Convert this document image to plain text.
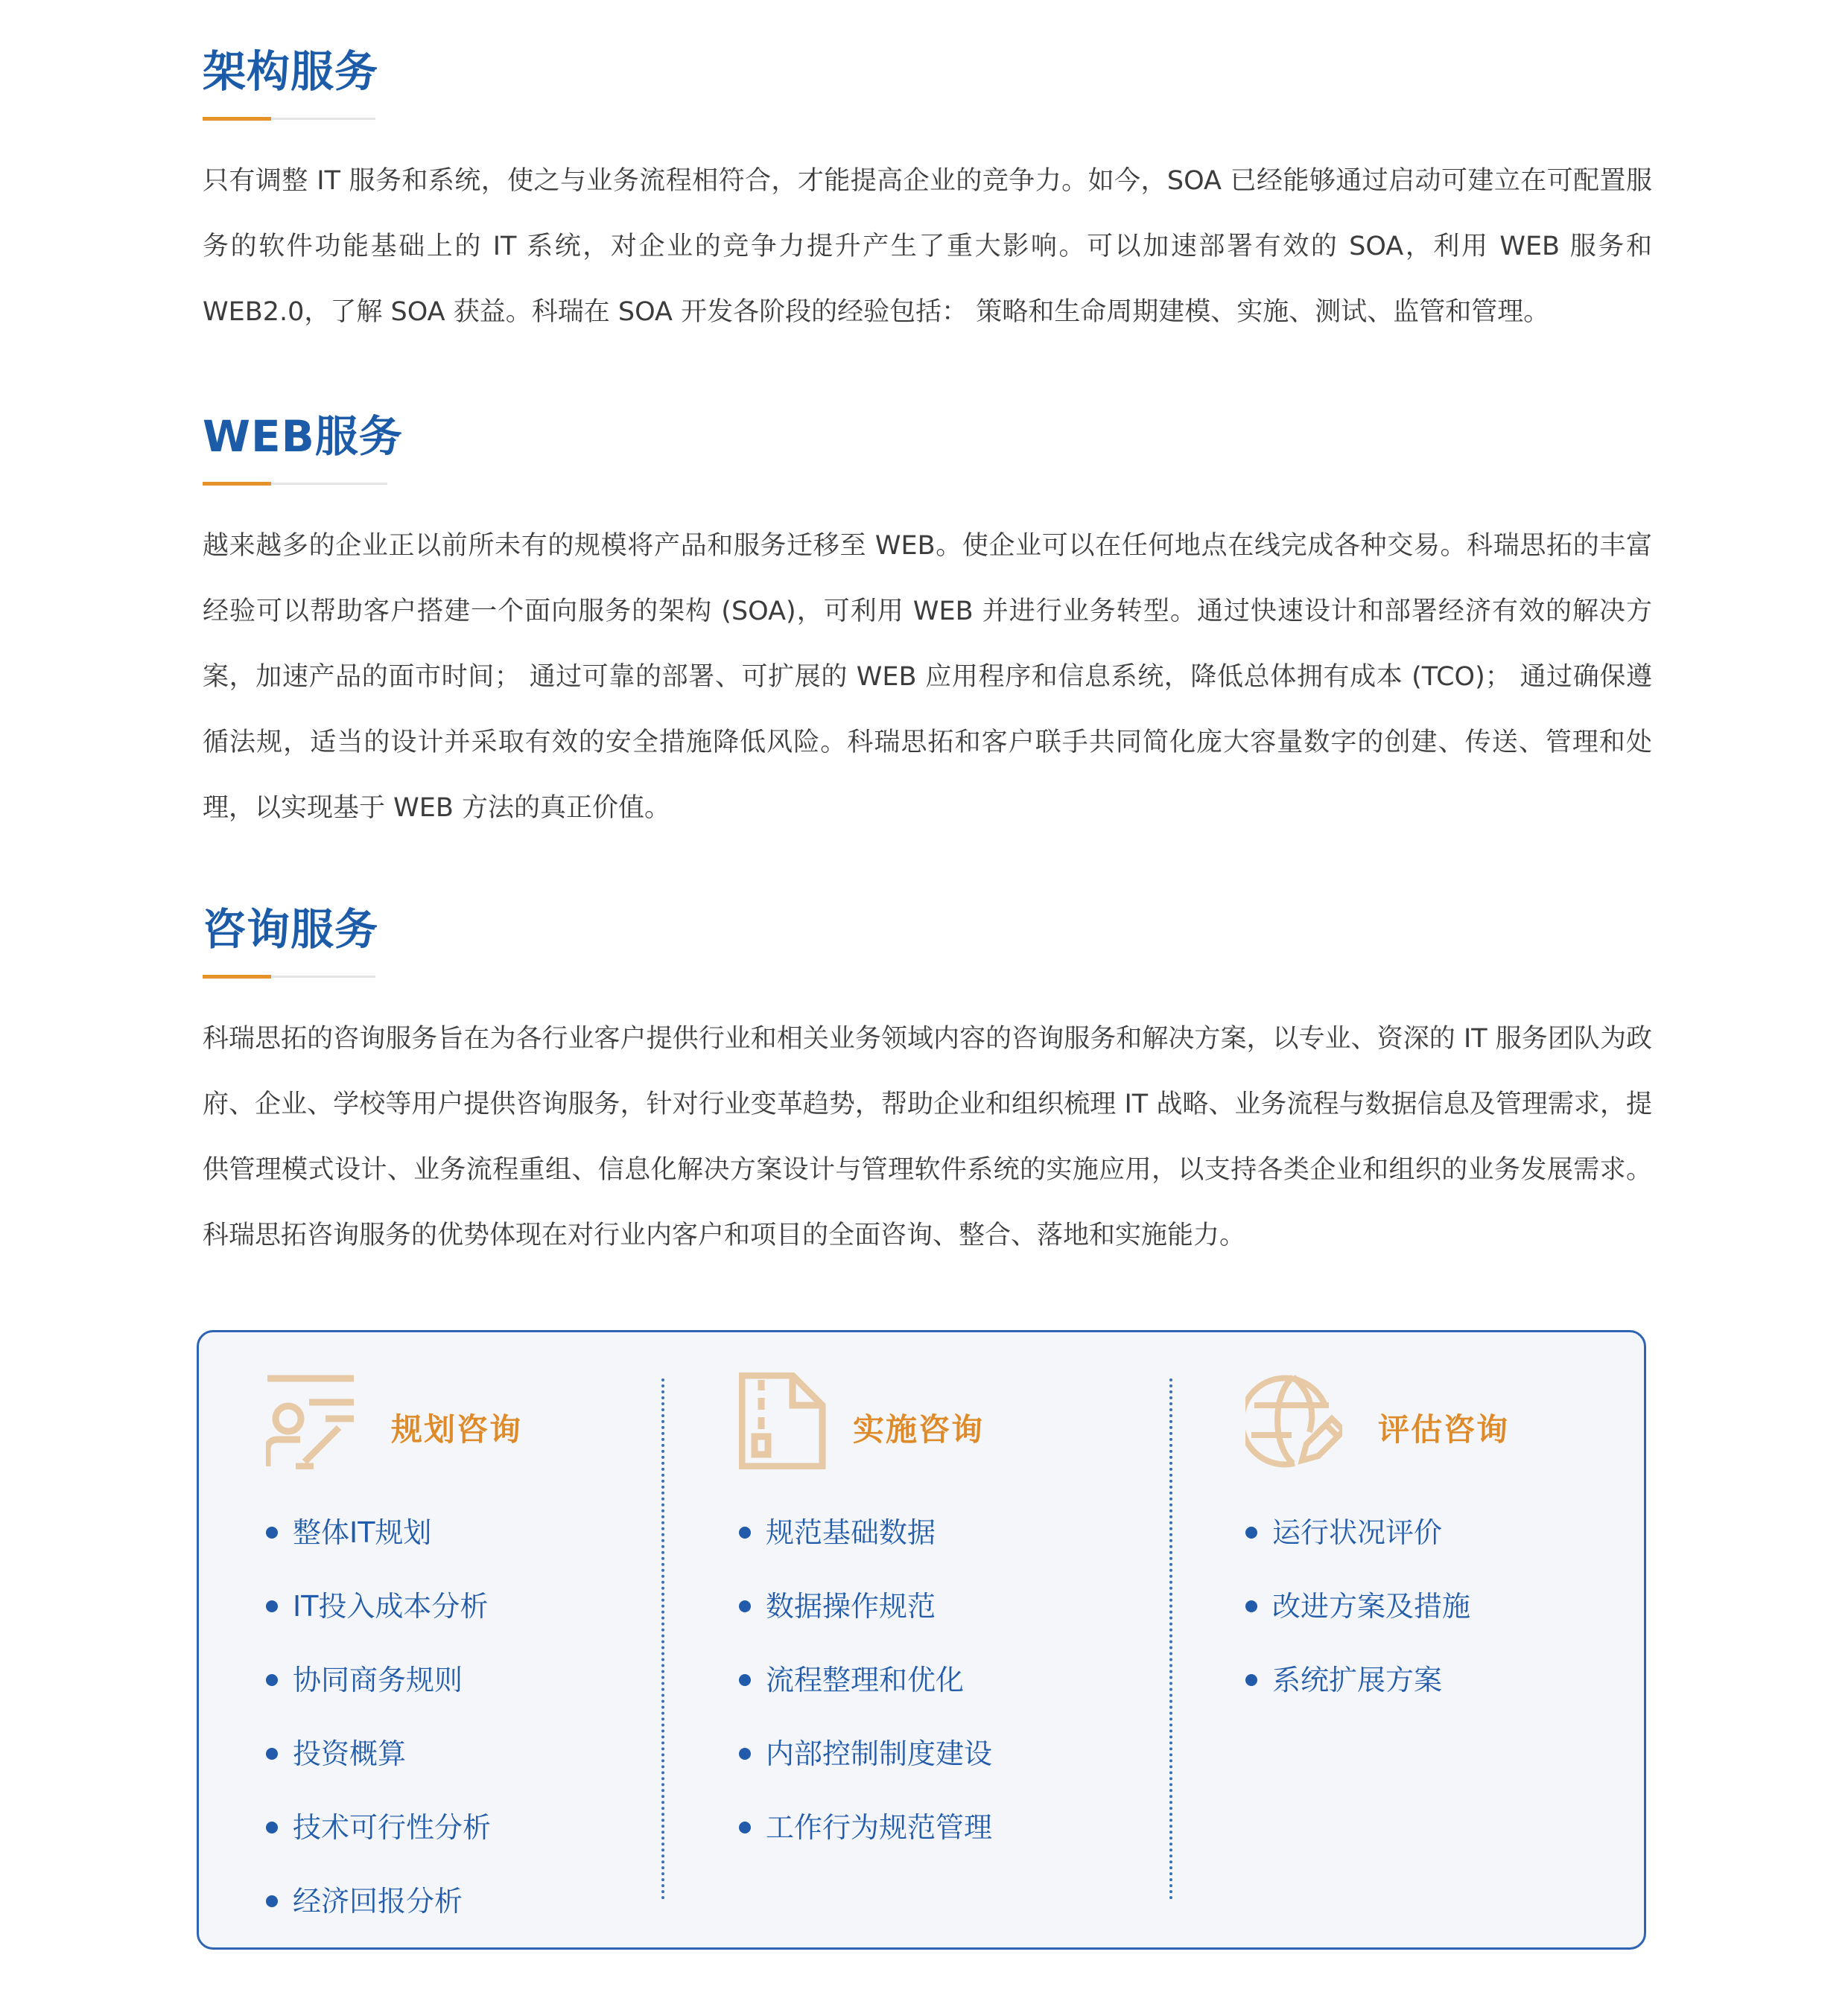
架构服务

只有调整 IT 服务和系统，使之与业务流程相符合，才能提高企业的竞争力。如今，SOA 已经能够通过启动可建立在可配置服务的软件功能基础上的 IT 系统，对企业的竞争力提升产生了重大影响。可以加速部署有效的 SOA，利用 WEB 服务和 WEB2.0，了解 SOA 获益。科瑞在 SOA 开发各阶段的经验包括： 策略和生命周期建模、实施、测试、监管和管理。

WEB服务

越来越多的企业正以前所未有的规模将产品和服务迁移至 WEB。使企业可以在任何地点在线完成各种交易。科瑞思拓的丰富经验可以帮助客户搭建一个面向服务的架构 (SOA)，可利用 WEB 并进行业务转型。通过快速设计和部署经济有效的解决方案，加速产品的面市时间； 通过可靠的部署、可扩展的 WEB 应用程序和信息系统，降低总体拥有成本 (TCO)； 通过确保遵循法规，适当的设计并采取有效的安全措施降低风险。科瑞思拓和客户联手共同简化庞大容量数字的创建、传送、管理和处理，以实现基于 WEB 方法的真正价值。

咨询服务

科瑞思拓的咨询服务旨在为各行业客户提供行业和相关业务领域内容的咨询服务和解决方案，以专业、资深的 IT 服务团队为政府、企业、学校等用户提供咨询服务，针对行业变革趋势，帮助企业和组织梳理 IT 战略、业务流程与数据信息及管理需求，提供管理模式设计、业务流程重组、信息化解决方案设计与管理软件系统的实施应用，以支持各类企业和组织的业务发展需求。科瑞思拓咨询服务的优势体现在对行业内客户和项目的全面咨询、整合、落地和实施能力。

规划咨询
整体IT规划
IT投入成本分析
协同商务规则
投资概算
技术可行性分析
经济回报分析
实施咨询
规范基础数据
数据操作规范
流程整理和优化
内部控制制度建设
工作行为规范管理
评估咨询
运行状况评价
改进方案及措施
系统扩展方案
